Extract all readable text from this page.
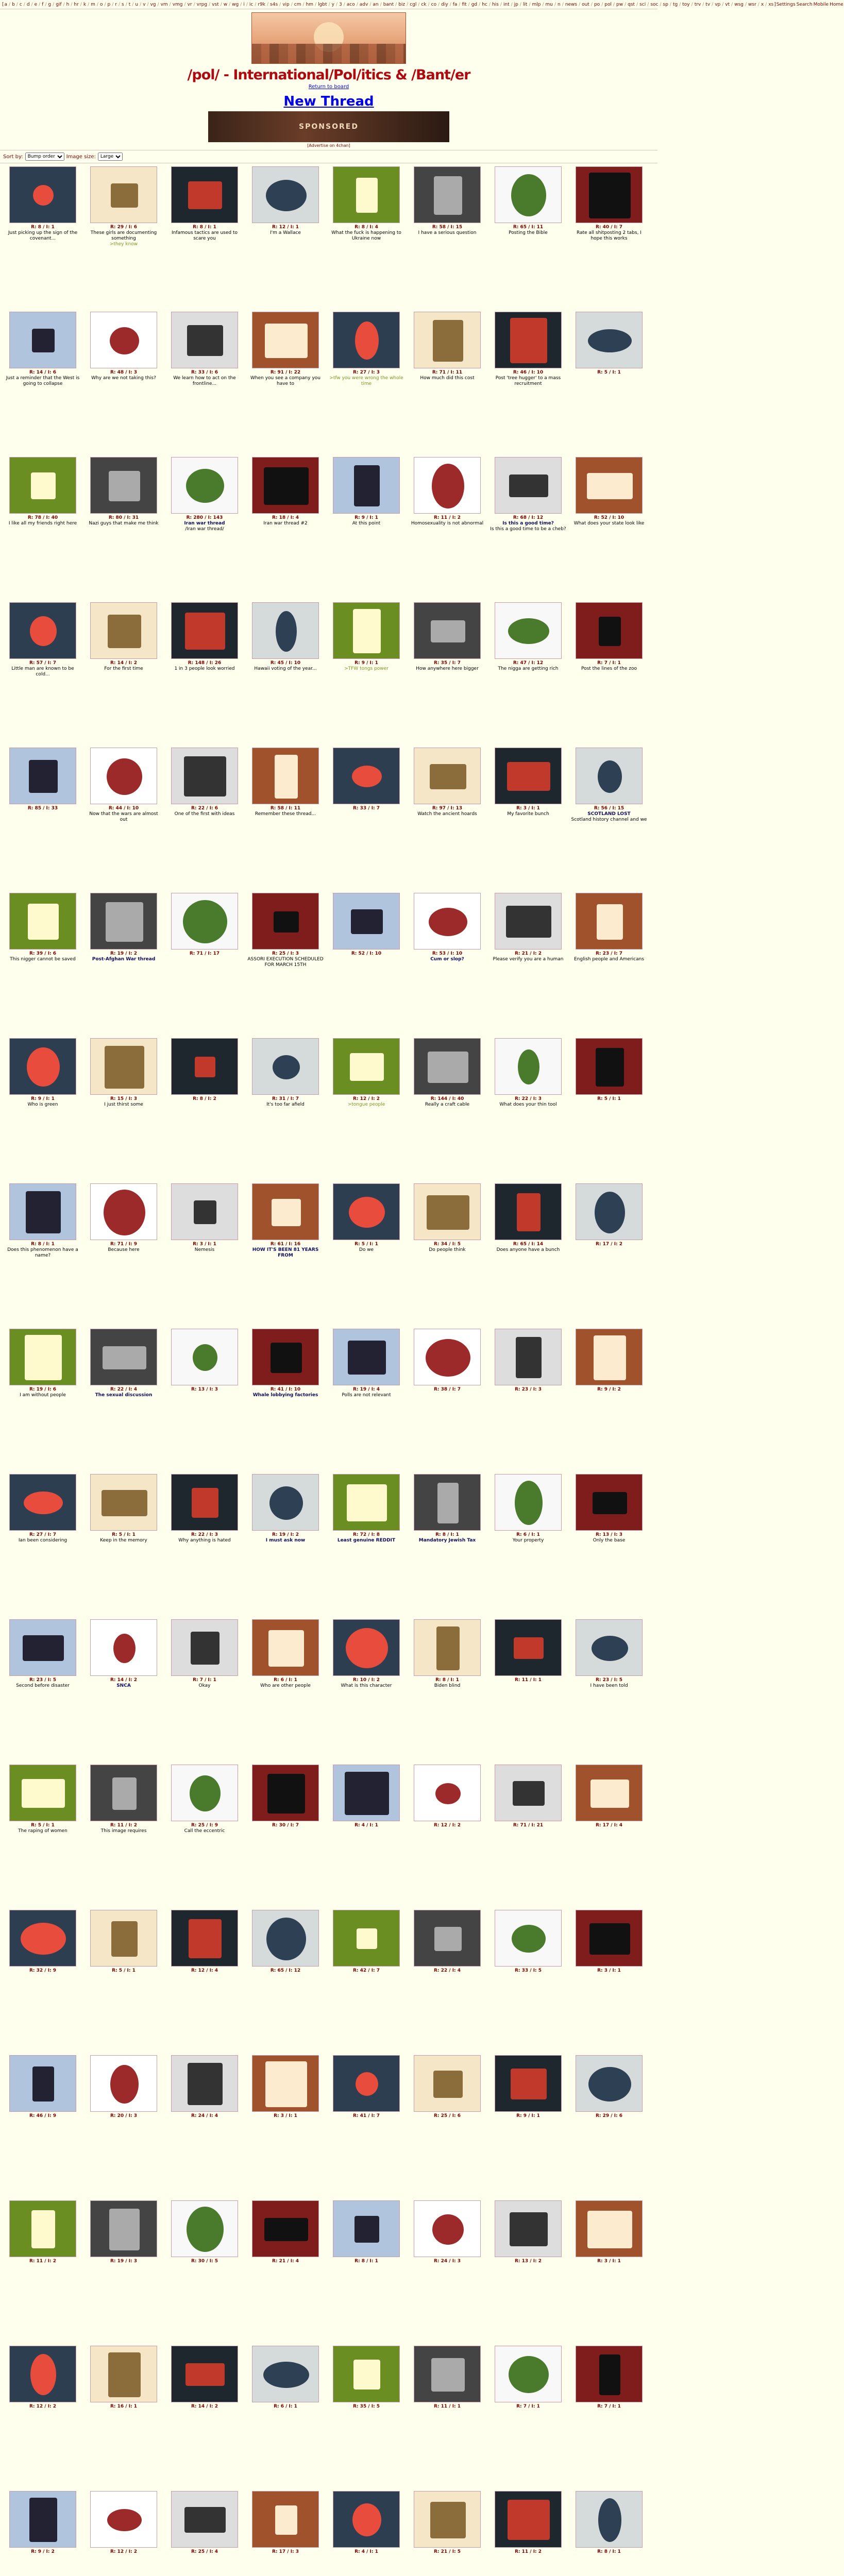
[a / b / c / d / e / f / g / gif / h / hr / k / m / o / p / r / s / t / u / v / vg / vm / vmg / vr / vrpg / vst / w / wg / i / ic / r9k / s4s / vip / cm / hm / lgbt / y / 3 / aco / adv / an / bant / biz / cgl / ck / co / diy / fa / fit / gd / hc / his / int / jp / lit / mlp / mu / n / news / out / po / pol / pw / qst / sci / soc / sp / tg / toy / trv / tv / vp / vt / wsg / wsr / x / xs] Settings Search Mobile Home
/pol/ - International/Pol/itics & /Bant/er
Return to board
New Thread
SPONSORED
[Advertise on 4chan]
Sort by:
Bump order	Image size:
Large
R: 8 / I: 1
Just picking up the sign of the covenant...
R: 29 / I: 6
These girls are documenting something
>they know
R: 8 / I: 1
Infamous tactics are used to scare you
R: 12 / I: 1
I'm a Wallace
R: 8 / I: 4
What the fuck is happening to Ukraine now
R: 58 / I: 15
I have a serious question
R: 65 / I: 11
Posting the Bible
R: 40 / I: 7
Rate all shitposting 2 tabs, I hope this works
R: 14 / I: 6
Just a reminder that the West is going to collapse
R: 48 / I: 3
Why are we not taking this?
R: 33 / I: 6
We learn how to act on the frontline...
R: 91 / I: 22
When you see a company you have to
R: 27 / I: 3
>tfw you were wrong the whole time
R: 71 / I: 11
How much did this cost
R: 46 / I: 10
Post 'tree hugger' to a mass recruitment
R: 5 / I: 1
R: 78 / I: 40
I like all my friends right here
R: 80 / I: 31
Nazi guys that make me think
R: 280 / I: 143
Iran war thread
/Iran war thread/
R: 18 / I: 4
Iran war thread #2
R: 9 / I: 1
At this point
R: 11 / I: 2
Homosexuality is not abnormal
R: 68 / I: 12
Is this a good time?
Is this a good time to be a cheb?
R: 52 / I: 10
What does your state look like
R: 57 / I: 7
Little man are known to be cold...
R: 14 / I: 2
For the first time
R: 148 / I: 26
1 in 3 people look worried
R: 45 / I: 10
Hawaii voting of the year...
R: 9 / I: 1
>TFW tongs power
R: 35 / I: 7
How anywhere here bigger
R: 47 / I: 12
The nigga are getting rich
R: 7 / I: 1
Post the lines of the zoo
R: 85 / I: 33	R: 44 / I: 10
Now that the wars are almost out
R: 22 / I: 6
One of the first with ideas
R: 58 / I: 11
Remember these thread...
R: 33 / I: 7	R: 97 / I: 13
Watch the ancient hoards
R: 3 / I: 1
My favorite bunch
R: 56 / I: 15
SCOTLAND LOST
Scotland history channel and we
R: 39 / I: 6
This nigger cannot be saved
R: 19 / I: 2
Post-Afghan War thread
R: 71 / I: 17	R: 25 / I: 3
ASSORI EXECUTION SCHEDULED FOR MARCH 15TH
R: 52 / I: 10	R: 53 / I: 10
Cum or slop?
R: 21 / I: 2
Please verify you are a human
R: 23 / I: 7
English people and Americans
R: 9 / I: 1
Who is green
R: 15 / I: 3
I just thirst some
R: 8 / I: 2	R: 31 / I: 7
It's too far afield
R: 12 / I: 2
>tongue people
R: 144 / I: 40
Really a craft cable
R: 22 / I: 3
What does your thin tool
R: 5 / I: 1
R: 8 / I: 1
Does this phenomenon have a name?
R: 71 / I: 9
Because here
R: 3 / I: 1
Nemesis
R: 61 / I: 16
HOW IT'S BEEN 81 YEARS FROM
R: 5 / I: 1
Do we
R: 34 / I: 5
Do people think
R: 65 / I: 14
Does anyone have a bunch
R: 17 / I: 2
R: 19 / I: 6
I am without people
R: 22 / I: 4
The sexual discussion
R: 13 / I: 3	R: 41 / I: 10
Whale lobbying factories
R: 19 / I: 4
Polls are not relevant
R: 38 / I: 7	R: 23 / I: 3	R: 9 / I: 2
R: 27 / I: 7
Ian been considering
R: 5 / I: 1
Keep in the memory
R: 22 / I: 3
Why anything is hated
R: 19 / I: 2
I must ask now
R: 72 / I: 8
Least genuine REDDIT
R: 8 / I: 1
Mandatory Jewish Tax
R: 6 / I: 1
Your property
R: 13 / I: 3
Only the base
R: 23 / I: 5
Second before disaster
R: 14 / I: 2
SNCA
R: 7 / I: 1
Okay
R: 6 / I: 1
Who are other people
R: 10 / I: 2
What is this character
R: 8 / I: 1
Biden blind
R: 11 / I: 1	R: 23 / I: 5
I have been told
R: 5 / I: 1
The raping of women
R: 11 / I: 2
This image requires
R: 25 / I: 9
Call the eccentric
R: 30 / I: 7	R: 4 / I: 1	R: 12 / I: 2	R: 71 / I: 21	R: 17 / I: 4
R: 32 / I: 9	R: 5 / I: 1	R: 12 / I: 4	R: 65 / I: 12	R: 42 / I: 7	R: 22 / I: 4	R: 33 / I: 5	R: 3 / I: 1
R: 46 / I: 9	R: 20 / I: 3	R: 24 / I: 4	R: 3 / I: 1	R: 41 / I: 7	R: 25 / I: 6	R: 9 / I: 1	R: 29 / I: 6
R: 11 / I: 2	R: 19 / I: 3	R: 30 / I: 5	R: 21 / I: 4	R: 8 / I: 1	R: 24 / I: 3	R: 13 / I: 2	R: 3 / I: 1
R: 12 / I: 2	R: 16 / I: 1	R: 14 / I: 2	R: 6 / I: 1	R: 35 / I: 5	R: 11 / I: 1	R: 7 / I: 1	R: 7 / I: 1
R: 9 / I: 2	R: 12 / I: 2	R: 25 / I: 4	R: 17 / I: 3	R: 4 / I: 1	R: 21 / I: 5	R: 11 / I: 2	R: 8 / I: 1
